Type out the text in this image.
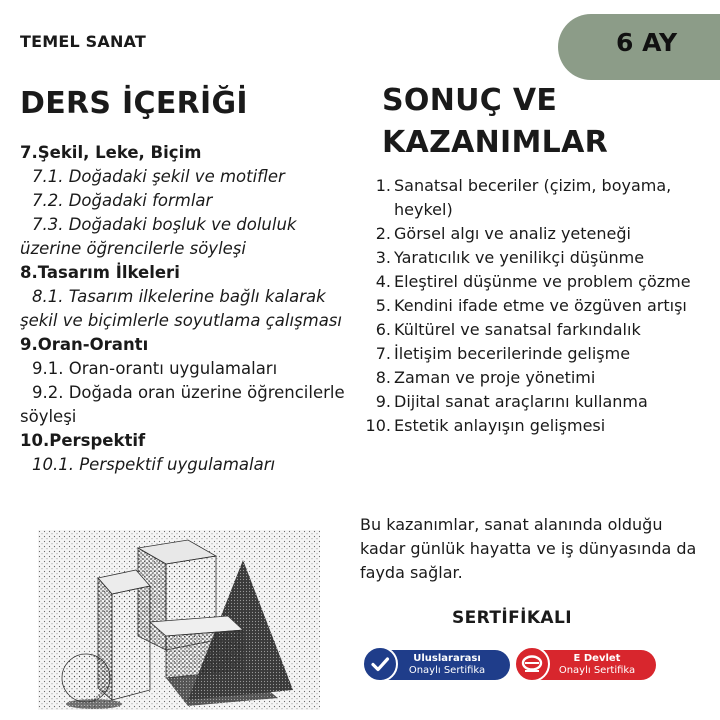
TEMEL SANAT	6 AY
DERS İÇERİĞİ	SONUÇ VE
KAZANIMLAR
7.Şekil, Leke, Biçim
7.1. Doğadaki şekil ve motifler
7.2. Doğadaki formlar
7.3. Doğadaki boşluk ve doluluk üzerine öğrencilerle söyleşi
8.Tasarım İlkeleri
8.1. Tasarım ilkelerine bağlı kalarak şekil ve biçimlerle soyutlama çalışması
9.Oran-Orantı
9.1. Oran-orantı uygulamaları
9.2. Doğada oran üzerine öğrencilerle söyleşi
10.Perspektif
10.1. Perspektif uygulamaları
1. Sanatsal beceriler (çizim, boyama, heykel)
2. Görsel algı ve analiz yeteneği
3. Yaratıcılık ve yenilikçi düşünme
4. Eleştirel düşünme ve problem çözme
5. Kendini ifade etme ve özgüven artışı
6. Kültürel ve sanatsal farkındalık
7. İletişim becerilerinde gelişme
8. Zaman ve proje yönetimi
9. Dijital sanat araçlarını kullanma
10. Estetik anlayışın gelişmesi
Bu kazanımlar, sanat alanında olduğu kadar günlük hayatta ve iş dünyasında da fayda sağlar.
SERTİFİKALI
Uluslararası
Onaylı Sertifika
E Devlet
Onaylı Sertifika
